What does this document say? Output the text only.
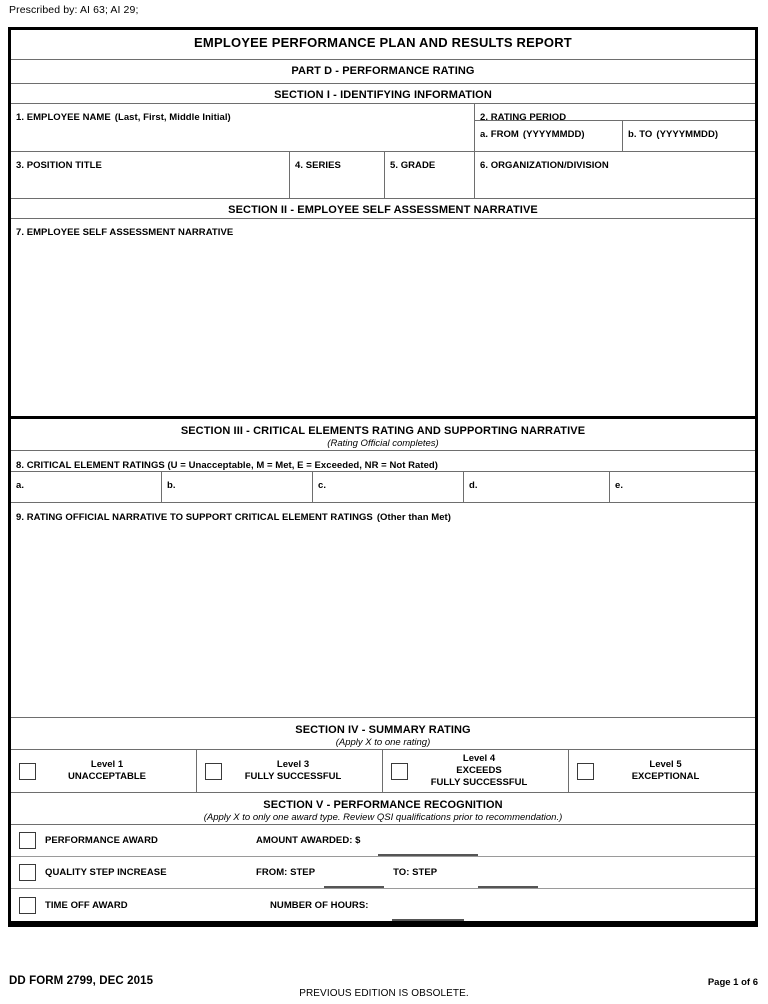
Prescribed by: AI 63; AI 29;
EMPLOYEE PERFORMANCE PLAN AND RESULTS REPORT
PART D - PERFORMANCE RATING
SECTION I - IDENTIFYING INFORMATION
1. EMPLOYEE NAME (Last, First, Middle Initial)	2. RATING PERIOD
a. FROM (YYYYMMDD)	b. TO (YYYYMMDD)
3. POSITION TITLE	4. SERIES	5. GRADE	6. ORGANIZATION/DIVISION
SECTION II - EMPLOYEE SELF ASSESSMENT NARRATIVE
7. EMPLOYEE SELF ASSESSMENT NARRATIVE
SECTION III - CRITICAL ELEMENTS RATING AND SUPPORTING NARRATIVE
(Rating Official completes)
8. CRITICAL ELEMENT RATINGS (U = Unacceptable, M = Met, E = Exceeded, NR = Not Rated)
a.	b.	c.	d.	e.
9. RATING OFFICIAL NARRATIVE TO SUPPORT CRITICAL ELEMENT RATINGS (Other than Met)
SECTION IV - SUMMARY RATING
(Apply X to one rating)
Level 1
UNACCEPTABLE
Level 3
FULLY SUCCESSFUL
Level 4
EXCEEDS
FULLY SUCCESSFUL
Level 5
EXCEPTIONAL
SECTION V - PERFORMANCE RECOGNITION
(Apply X to only one award type. Review QSI qualifications prior to recommendation.)
PERFORMANCE AWARD	AMOUNT AWARDED: $
QUALITY STEP INCREASE	FROM: STEP	TO: STEP
TIME OFF AWARD	NUMBER OF HOURS:
DD FORM 2799, DEC 2015
PREVIOUS EDITION IS OBSOLETE.
Page 1 of 6
